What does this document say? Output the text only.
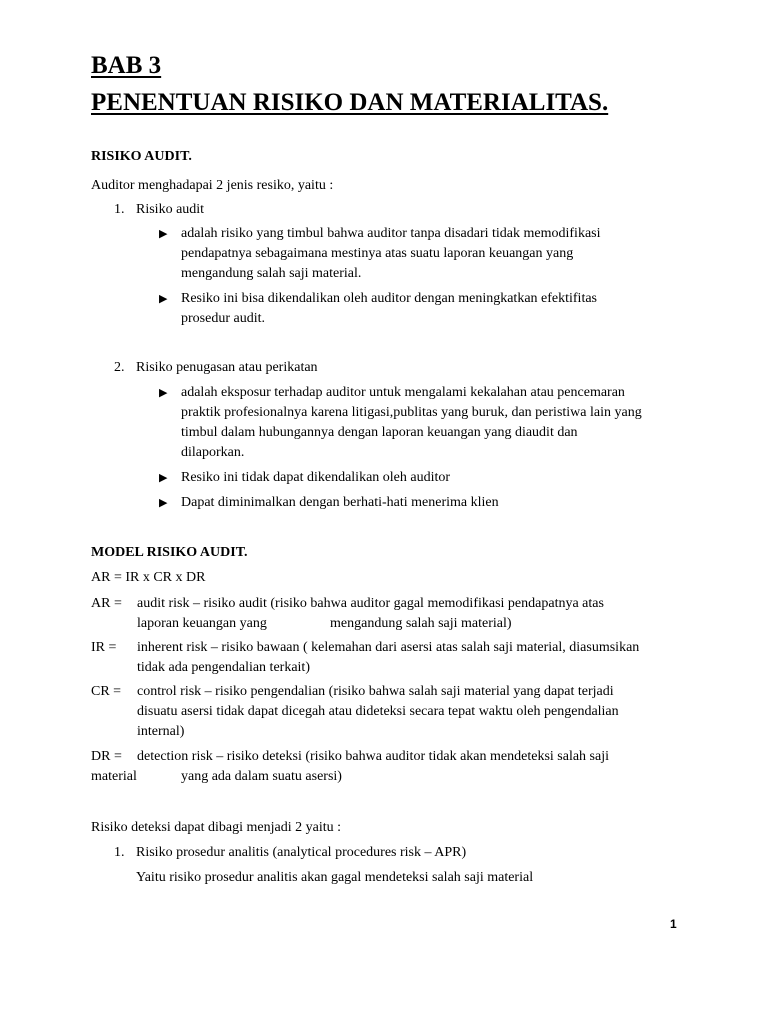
BAB 3
PENENTUAN RISIKO DAN MATERIALITAS.
RISIKO AUDIT.
Auditor menghadapai 2 jenis resiko, yaitu :
1. Risiko audit
▶ adalah risiko yang timbul bahwa auditor tanpa disadari tidak memodifikasi
pendapatnya sebagaimana mestinya atas suatu laporan keuangan yang
mengandung salah saji material.
▶ Resiko ini bisa dikendalikan oleh auditor dengan meningkatkan efektifitas
prosedur audit.
2. Risiko penugasan atau perikatan
▶ adalah eksposur terhadap auditor untuk mengalami kekalahan atau pencemaran
praktik profesionalnya karena litigasi,publitas yang buruk, dan peristiwa lain yang
timbul dalam hubungannya dengan laporan keuangan yang diaudit dan
dilaporkan.
▶ Resiko ini tidak dapat dikendalikan oleh auditor
▶ Dapat diminimalkan dengan berhati-hati menerima klien
MODEL RISIKO AUDIT.
AR = IR x CR x DR
AR = audit risk – risiko audit (risiko bahwa auditor gagal memodifikasi pendapatnya atas
laporan keuangan yang	mengandung salah saji material)
IR = inherent risk – risiko bawaan ( kelemahan dari asersi atas salah saji material, diasumsikan
tidak ada pengendalian terkait)
CR = control risk – risiko pengendalian (risiko bahwa salah saji material yang dapat terjadi
disuatu asersi tidak dapat dicegah atau dideteksi secara tepat waktu oleh pengendalian
internal)
DR = detection risk – risiko deteksi (risiko bahwa auditor tidak akan mendeteksi salah saji
material	yang ada dalam suatu asersi)
Risiko deteksi dapat dibagi menjadi 2 yaitu :
1. Risiko prosedur analitis (analytical procedures risk – APR)
Yaitu risiko prosedur analitis akan gagal mendeteksi salah saji material
1
